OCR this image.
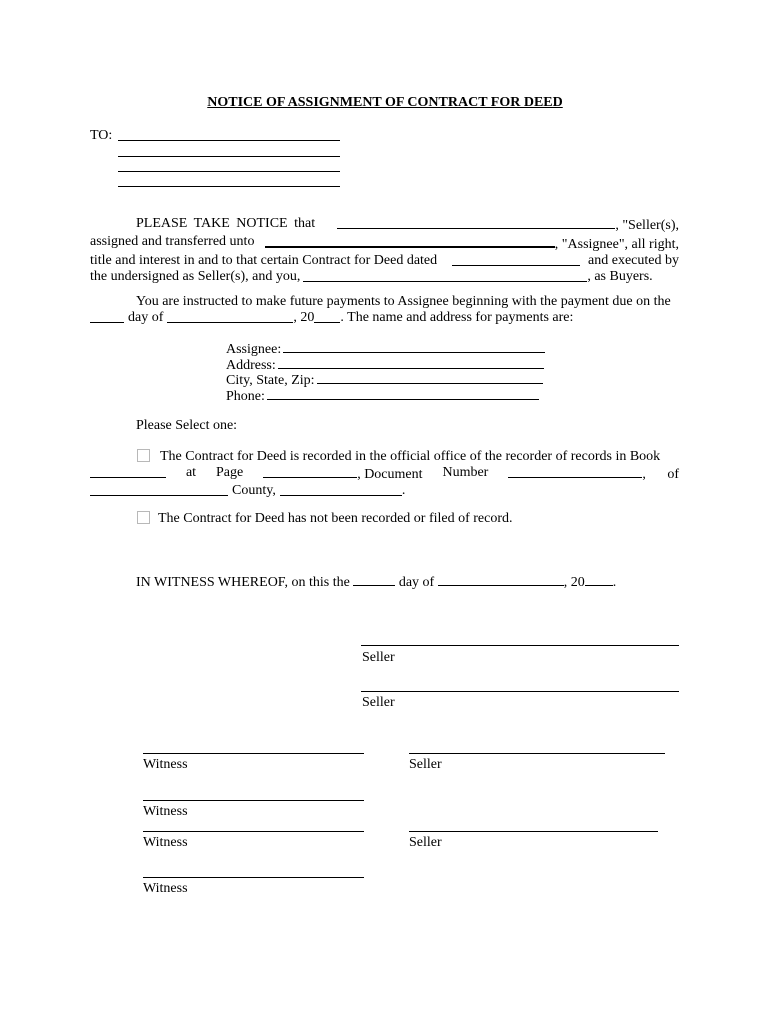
NOTICE OF ASSIGNMENT OF CONTRACT FOR DEED
TO:
PLEASE TAKE NOTICE that	, "Seller(s),
assigned and transferred unto	, "Assignee", all right,
title and interest in and to that certain Contract for Deed dated	and executed by
the undersigned as Seller(s), and you,	, as Buyers.
You are instructed to make future payments to Assignee beginning with the payment due on the
day of	, 20 . The name and address for payments are:
Assignee:
Address:
City, State, Zip:
Phone:
Please Select one:
The Contract for Deed is recorded in the official office of the recorder of records in Book
at Page	, Document Number	, of
County,	.
The Contract for Deed has not been recorded or filed of record.
IN WITNESS WHEREOF, on this the	day of	, 20 .
Seller
Seller
Witness	Seller
Witness
Witness	Seller
Witness
